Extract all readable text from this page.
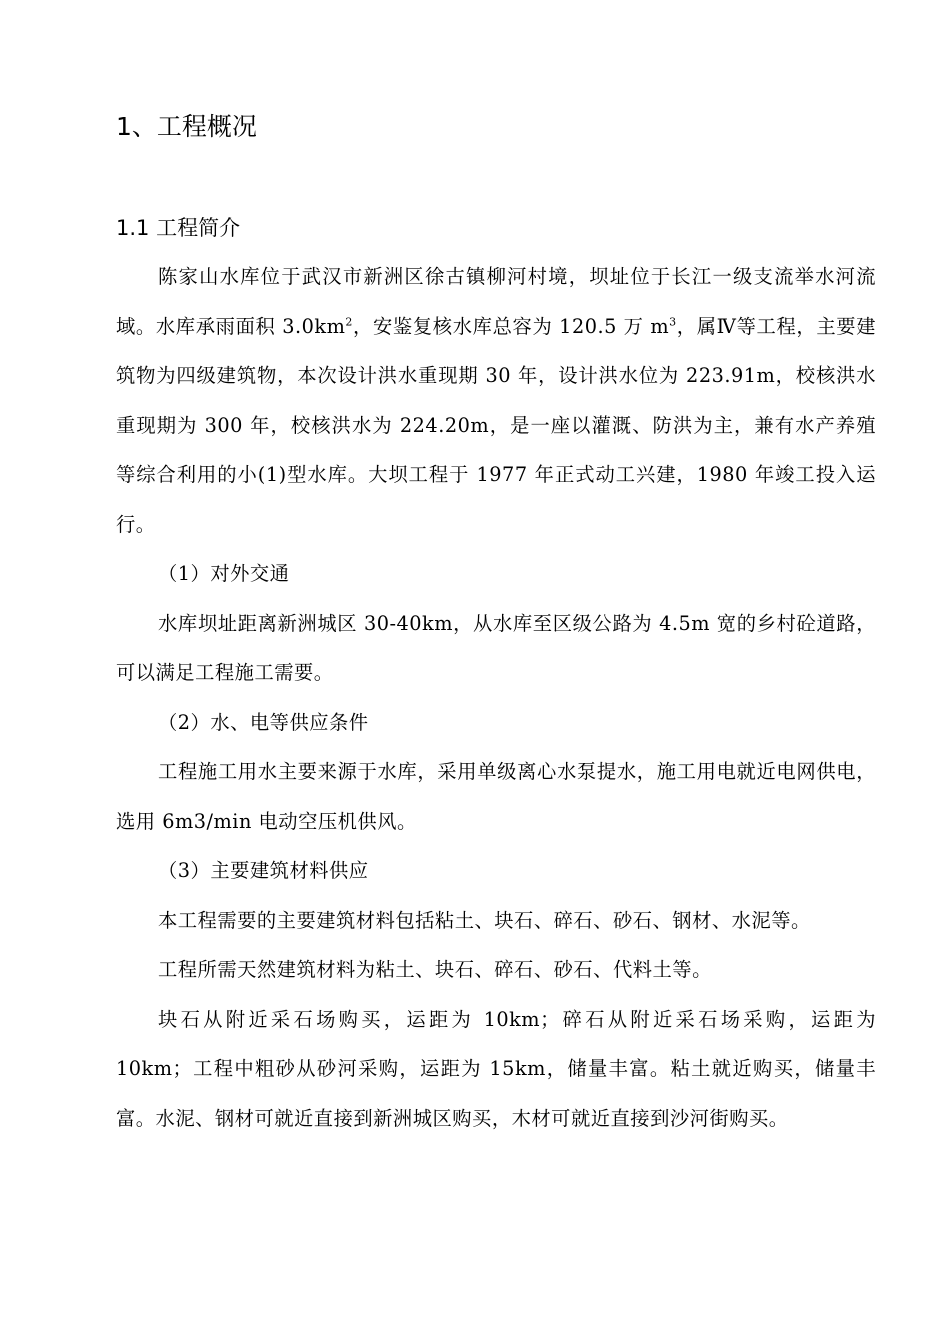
1、工程概况
1.1 工程简介

陈家山水库位于武汉市新洲区徐古镇柳河村境，坝址位于长江一级支流举水河流域。水库承雨面积 $3.0km^2$，安鉴复核水库总容为 120.5 万 $m^3$，属Ⅳ等工程，主要建筑物为四级建筑物，本次设计洪水重现期 30 年，设计洪水位为 223.91m，校核洪水重现期为 300 年，校核洪水为 224.20m，是一座以灌溉、防洪为主，兼有水产养殖等综合利用的小(1)型水库。大坝工程于 1977 年正式动工兴建，1980 年竣工投入运行。

（1）对外交通

水库坝址距离新洲城区 30-40km，从水库至区级公路为 4.5m 宽的乡村砼道路，可以满足工程施工需要。

（2）水、电等供应条件

工程施工用水主要来源于水库，采用单级离心水泵提水，施工用电就近电网供电，选用 6m3/min 电动空压机供风。

（3）主要建筑材料供应

本工程需要的主要建筑材料包括粘土、块石、碎石、砂石、钢材、水泥等。

工程所需天然建筑材料为粘土、块石、碎石、砂石、代料土等。

块石从附近采石场购买，运距为 10km；碎石从附近采石场采购，运距为 10km；工程中粗砂从砂河采购，运距为 15km，储量丰富。粘土就近购买，储量丰富。水泥、钢材可就近直接到新洲城区购买，木材可就近直接到沙河街购买。
